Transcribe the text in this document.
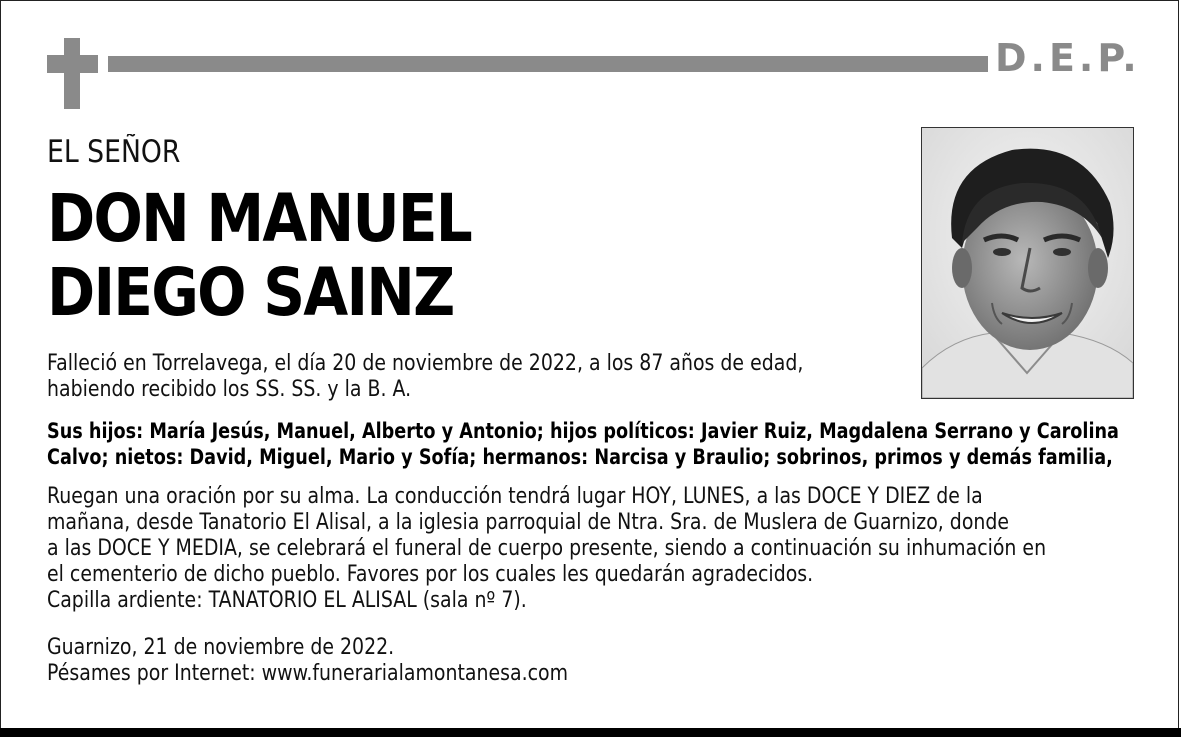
D.E.P.
EL SEÑOR
DON MANUEL
DIEGO SAINZ
Falleció en Torrelavega, el día 20 de noviembre de 2022, a los 87 años de edad,
habiendo recibido los SS. SS. y la B. A.
Sus hijos: María Jesús, Manuel, Alberto y Antonio; hijos políticos: Javier Ruiz, Magdalena Serrano y Carolina
Calvo; nietos: David, Miguel, Mario y Sofía; hermanos: Narcisa y Braulio; sobrinos, primos y demás familia,
Ruegan una oración por su alma. La conducción tendrá lugar HOY, LUNES, a las DOCE Y DIEZ de la
mañana, desde Tanatorio El Alisal, a la iglesia parroquial de Ntra. Sra. de Muslera de Guarnizo, donde
a las DOCE Y MEDIA, se celebrará el funeral de cuerpo presente, siendo a continuación su inhumación en
el cementerio de dicho pueblo. Favores por los cuales les quedarán agradecidos.
Capilla ardiente: TANATORIO EL ALISAL (sala nº 7).
Guarnizo, 21 de noviembre de 2022.
Pésames por Internet: www.funerarialamontanesa.com
